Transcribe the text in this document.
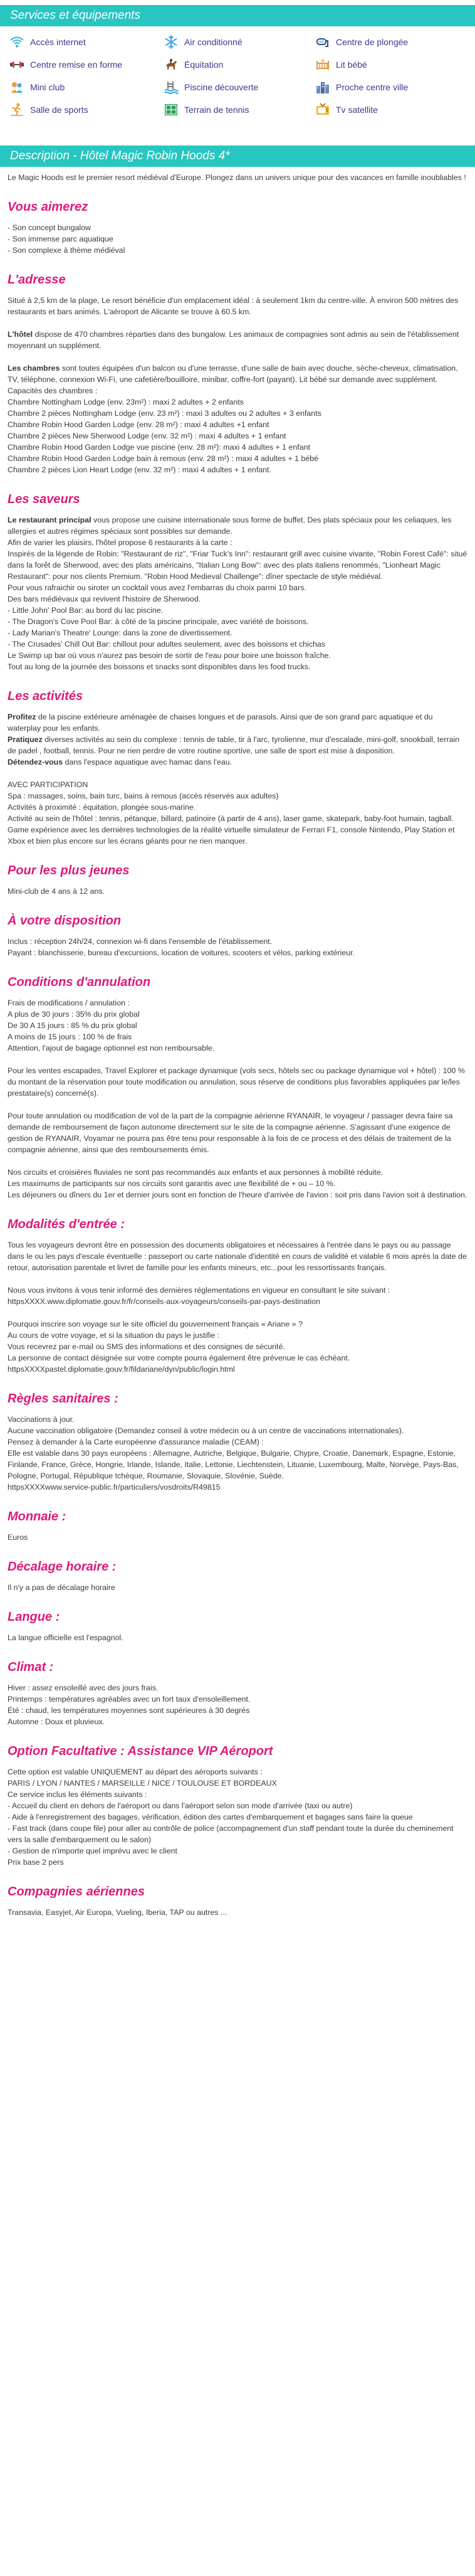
Services et équipements
Accès internet	Air conditionné	Centre de plongée
Centre remise en forme	Équitation	Lit bébé
Mini club	Piscine découverte	Proche centre ville
Salle de sports	Terrain de tennis	Tv satellite
Description - Hôtel Magic Robin Hoods 4*

Le Magic Hoods est le premier resort médiéval d'Europe. Plongez dans un univers unique pour des vacances en famille inoubliables !

Vous aimerez

- Son concept bungalow

- Son immense parc aquatique

- Son complexe à thème médiéval

L'adresse

Situé à 2,5 km de la plage, Le resort bénéficie d'un emplacement idéal : à seulement 1km du centre-ville. À environ 500 mètres des restaurants et bars animés. L'aéroport de Alicante se trouve à 60.5 km.

L'hôtel dispose de 470 chambres réparties dans des bungalow. Les animaux de compagnies sont admis au sein de l'établissement moyennant un supplément.

Les chambres sont toutes équipées d'un balcon ou d'une terrasse, d'une salle de bain avec douche, sèche-cheveux, climatisation, TV, téléphone, connexion Wi-Fi, une cafetière/bouilloire, minibar, coffre-fort (payant). Lit bébé sur demande avec supplément.

Capacités des chambres :

Chambre Nottingham Lodge (env. 23m²) : maxi 2 adultes + 2 enfants

Chambre 2 pièces Nottingham Lodge (env. 23 m²) : maxi 3 adultes ou 2 adultes + 3 enfants

Chambre Robin Hood Garden Lodge (env. 28 m²) : maxi 4 adultes +1 enfant

Chambre 2 pièces New Sherwood Lodge (env. 32 m²) : maxi 4 adultes + 1 enfant

Chambre Robin Hood Garden Lodge vue piscine (env. 28 m²): maxi 4 adultes + 1 enfant

Chambre Robin Hood Garden Lodge bain à remous (env. 28 m²) : maxi 4 adultes + 1 bébé

Chambre 2 pièces Lion Heart Lodge (env. 32 m²) : maxi 4 adultes + 1 enfant.

Les saveurs

Le restaurant principal vous propose une cuisine internationale sous forme de buffet. Des plats spéciaux pour les celiaques, les allergies et autres régimes spéciaux sont possibles sur demande.

Afin de varier les plaisirs, l'hôtel propose 6 restaurants à la carte :

Inspirés de la légende de Robin: "Restaurant de riz", "Friar Tuck's Inn": restaurant grill avec cuisine vivante, "Robin Forest Café": situé dans la forêt de Sherwood, avec des plats américains, "Italian Long Bow": avec des plats italiens renommés, "Lionheart Magic Restaurant": pour nos clients Premium. "Robin Hood Medieval Challenge": dîner spectacle de style médiéval.

Pour vous rafraichir ou siroter un cocktail vous avez l'embarras du choix parmi 10 bars.

Des bars médiévaux qui revivent l'histoire de Sherwood.

- Little John' Pool Bar: au bord du lac piscine.

- The Dragon's Cove Pool Bar: à côté de la piscine principale, avec variété de boissons.

- Lady Marian's Theatre' Lounge: dans la zone de divertissement.

- The Crusades' Chill Out Bar: chillout pour adultes seulement, avec des boissons et chichas

Le Swimp up bar où vous n'aurez pas besoin de sortir de l'eau pour boire une boisson fraîche.

Tout au long de la journée des boissons et snacks sont disponibles dans les food trucks.

Les activités

Profitez de la piscine extérieure aménagée de chaises longues et de parasols. Ainsi que de son grand parc aquatique et du waterplay pour les enfants.

Pratiquez diverses activités au sein du complexe : tennis de table, tir à l'arc, tyrolienne, mur d'escalade, mini-golf, snookball, terrain de padel , football, tennis. Pour ne rien perdre de votre routine sportive, une salle de sport est mise à disposition.

Détendez-vous dans l'espace aquatique avec hamac dans l'eau.

AVEC PARTICIPATION

Spa : massages, soins, bain turc, bains à remous (accès réservés aux adultes)

Activités à proximité : équitation, plongée sous-marine.

Activité au sein de l'hôtel : tennis, pétanque, billard, patinoire (à partir de 4 ans), laser game, skatepark, baby-foot humain, tagball. Game expérience avec les dernières technologies de la réalité virtuelle simulateur de Ferrari F1, console Nintendo, Play Station et Xbox et bien plus encore sur les écrans géants pour ne rien manquer.

Pour les plus jeunes

Mini-club de 4 ans à 12 ans.

À votre disposition

Inclus : réception 24h/24, connexion wi-fi dans l'ensemble de l'établissement.

Payant : blanchisserie, bureau d'excursions, location de voitures, scooters et vélos, parking extérieur.

Conditions d'annulation

Frais de modifications / annulation :

A plus de 30 jours : 35% du prix global

De 30 A 15 jours : 85 % du prix global

A moins de 15 jours : 100 % de frais

Attention, l'ajout de bagage optionnel est non remboursable.

Pour les ventes escapades, Travel Explorer et package dynamique (vols secs, hôtels sec ou package dynamique vol + hôtel) : 100 % du montant de la réservation pour toute modification ou annulation, sous réserve de conditions plus favorables appliquées par le/les prestataire(s) concerné(s).

Pour toute annulation ou modification de vol de la part de la compagnie aérienne RYANAIR, le voyageur / passager devra faire sa demande de remboursement de façon autonome directement sur le site de la compagnie aérienne. S'agissant d'une exigence de gestion de RYANAIR, Voyamar ne pourra pas être tenu pour responsable à la fois de ce process et des délais de traitement de la compagnie aérienne, ainsi que des remboursements émis.

Nos circuits et croisières fluviales ne sont pas recommandés aux enfants et aux personnes à mobilité réduite.

Les maximums de participants sur nos circuits sont garantis avec une flexibilité de + ou – 10 %.

Les déjeuners ou dîners du 1er et dernier jours sont en fonction de l'heure d'arrivée de l'avion : soit pris dans l'avion soit à destination.

Modalités d'entrée :

Tous les voyageurs devront être en possession des documents obligatoires et nécessaires à l'entrée dans le pays ou au passage dans le ou les pays d'escale éventuelle : passeport ou carte nationale d'identité en cours de validité et valable 6 mois après la date de retour, autorisation parentale et livret de famille pour les enfants mineurs, etc...pour les ressortissants français.

Nous vous invitons à vous tenir informé des dernières réglementations en vigueur en consultant le site suivant : httpsXXXX.www.diplomatie.gouv.fr/fr/conseils-aux-voyageurs/conseils-par-pays-destination

Pourquoi inscrire son voyage sur le site officiel du gouvernement français « Ariane » ?

Au cours de votre voyage, et si la situation du pays le justifie :

Vous recevrez par e-mail ou SMS des informations et des consignes de sécurité.

La personne de contact désignée sur votre compte pourra également être prévenue le cas échéant.

httpsXXXXpastel.diplomatie.gouv.fr/fildariane/dyn/public/login.html

Règles sanitaires :

Vaccinations à jour.

Aucune vaccination obligatoire (Demandez conseil à votre médecin ou à un centre de vaccinations internationales).

Pensez à demander à la Carte européenne d'assurance maladie (CEAM) :

Elle est valable dans 30 pays européens : Allemagne, Autriche, Belgique, Bulgarie, Chypre, Croatie, Danemark, Espagne, Estonie, Finlande, France, Grèce, Hongrie, Irlande, Islande, Italie, Lettonie, Liechtenstein, Lituanie, Luxembourg, Malte, Norvège, Pays-Bas, Pologne, Portugal, République tchèque, Roumanie, Slovaquie, Slovénie, Suède.

httpsXXXXwww.service-public.fr/particuliers/vosdroits/R49815

Monnaie :

Euros

Décalage horaire :

Il n'y a pas de décalage horaire

Langue :

La langue officielle est l'espagnol.

Climat :

Hiver : assez ensoleillé avec des jours frais.

Printemps : températures agréables avec un fort taux d'ensoleillement.

Été : chaud, les températures moyennes sont supérieures à 30 degrés

Automne : Doux et pluvieux.

Option Facultative : Assistance VIP Aéroport

Cette option est valable UNIQUEMENT au départ des aéroports suivants :

PARIS / LYON / NANTES / MARSEILLE / NICE / TOULOUSE ET BORDEAUX

Ce service inclus les éléments suivants :

- Accueil du client en dehors de l'aéroport ou dans l'aéroport selon son mode d'arrivée (taxi ou autre)

- Aide à l'enregistrement des bagages, vérification, édition des cartes d'embarquement et bagages sans faire la queue

- Fast track (dans coupe file) pour aller au contrôle de police (accompagnement d'un staff pendant toute la durée du cheminement vers la salle d'embarquement ou le salon)

- Gestion de n'importe quel imprévu avec le client

Prix base 2 pers

Compagnies aériennes

Transavia, Easyjet, Air Europa, Vueling, Iberia, TAP ou autres ...
